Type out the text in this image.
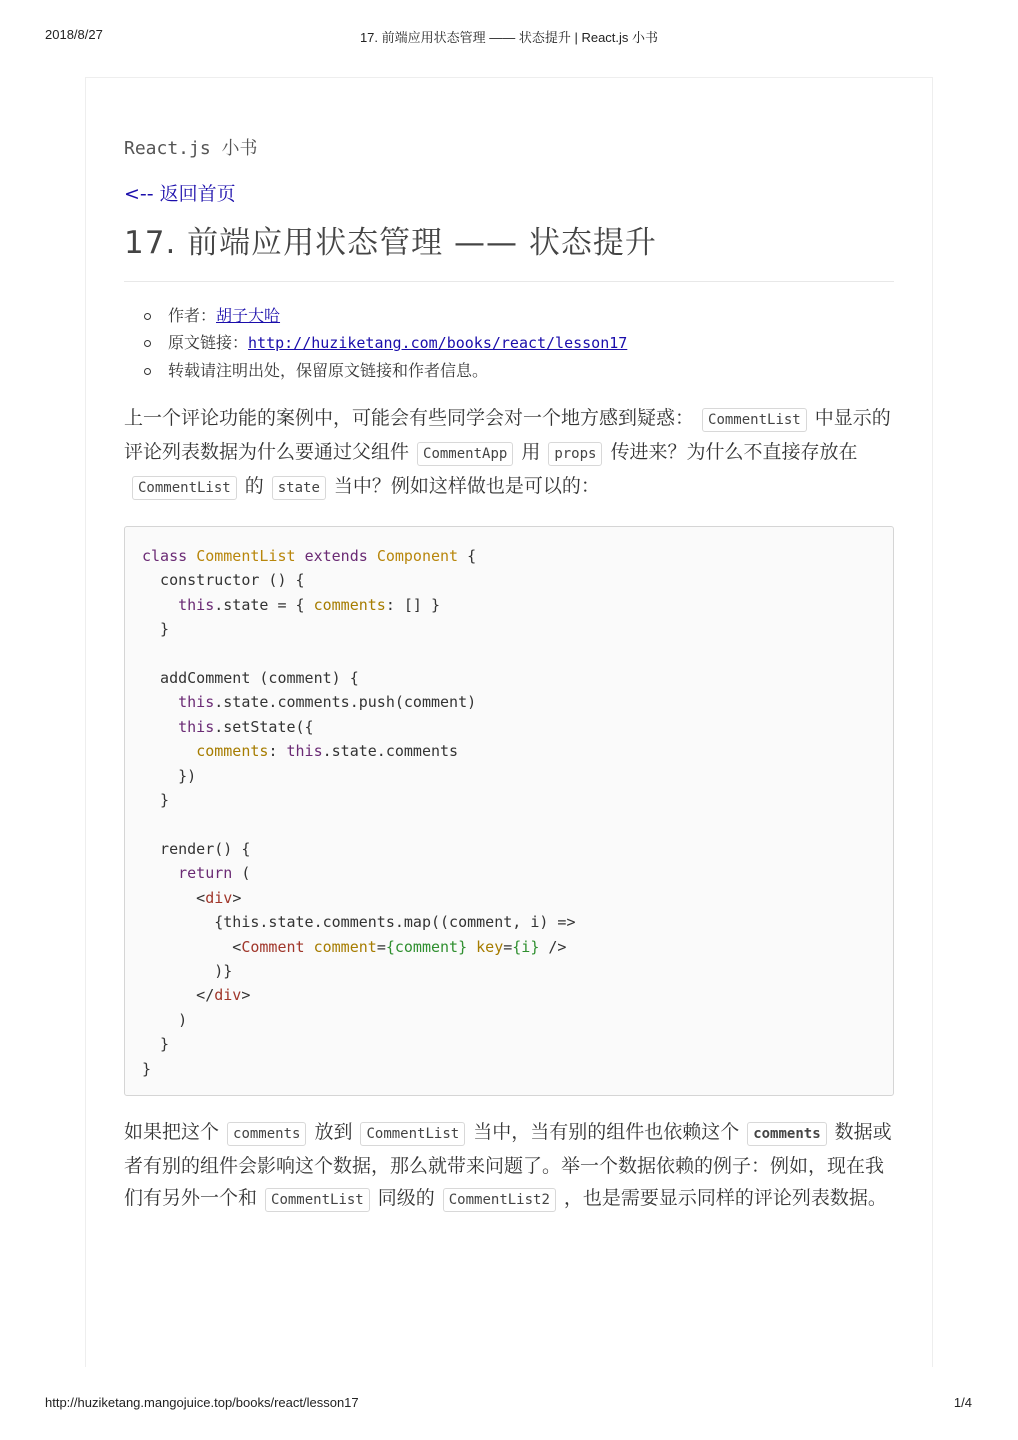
17. 前端应用状态管理 —— 状态提升 | React.js 小书
2018/8/27
React.js 小书
<-- 返回首页
17. 前端应用状态管理 —— 状态提升
作者：胡子大哈
原文链接：http://huziketang.com/books/react/lesson17
转载请注明出处，保留原文链接和作者信息。

上一个评论功能的案例中，可能会有些同学会对一个地方感到疑惑： CommentList 中显示的评论列表数据为什么要通过父组件 CommentApp 用 props 传进来？为什么不直接存放在CommentList 的 state 当中？例如这样做也是可以的：

class CommentList extends Component {
constructor () {
this.state = { comments: [] }
}

addComment (comment) {
this.state.comments.push(comment)
this.setState({
comments: this.state.comments
})
}

render() {
return (
<div>
{this.state.comments.map((comment, i) =>
<Comment comment={comment} key={i} />
)}
</div>
)
}
}

如果把这个 comments 放到 CommentList 当中，当有别的组件也依赖这个 comments 数据或者有别的组件会影响这个数据，那么就带来问题了。举一个数据依赖的例子：例如，现在我们有另外一个和 CommentList 同级的 CommentList2 ，也是需要显示同样的评论列表数据。

http://huziketang.mangojuice.top/books/react/lesson17	1/4
